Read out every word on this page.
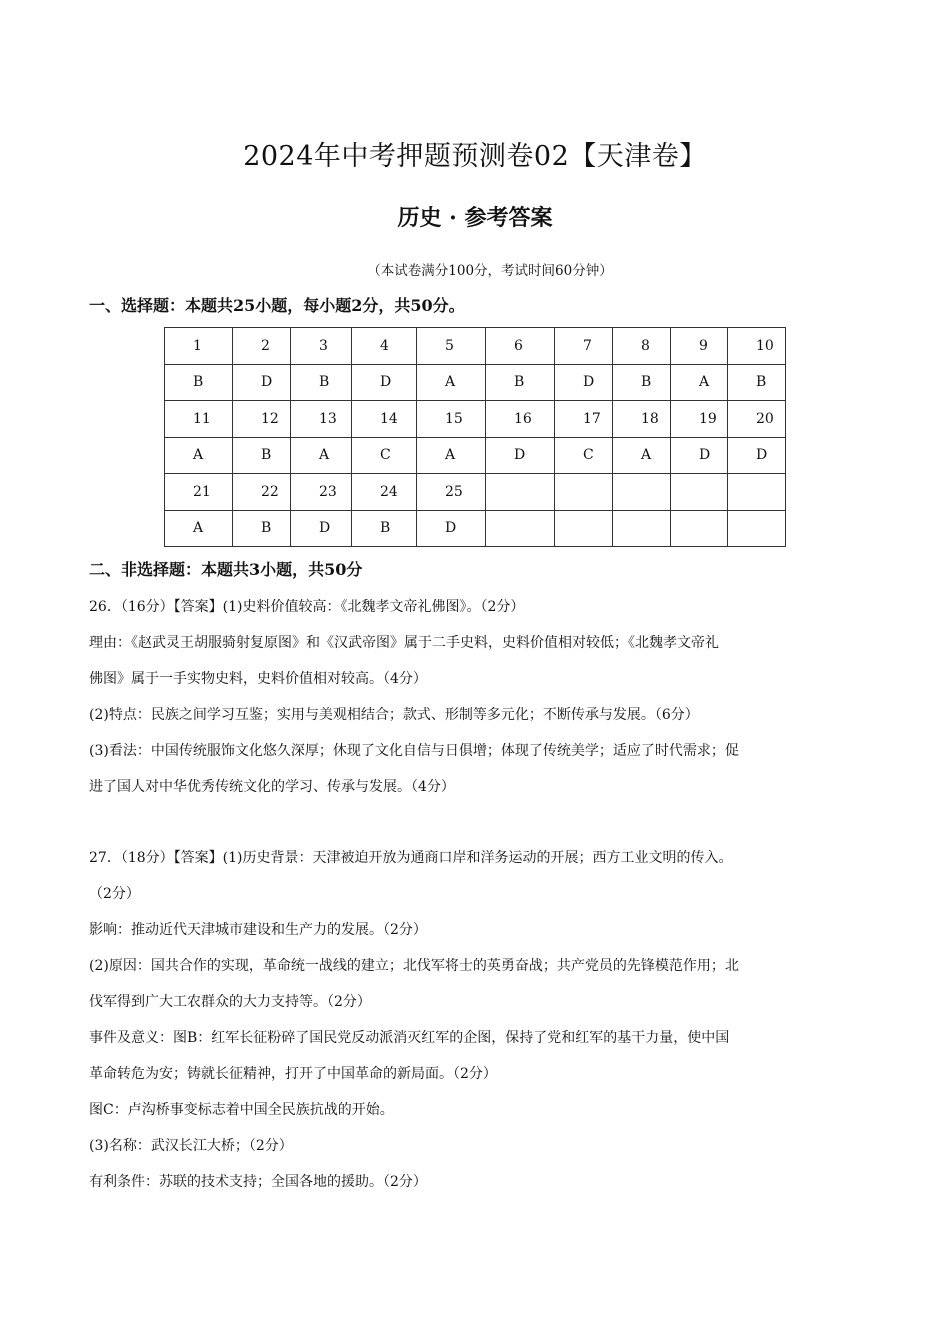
2024年中考押题预测卷02【天津卷】
历史 · 参考答案
（本试卷满分100分，考试时间60分钟）
一、选择题：本题共25小题，每小题2分，共50分。
1	2	3	4	5	6	7	8	9	10
B	D	B	D	A	B	D	B	A	B
11	12	13	14	15	16	17	18	19	20
A	B	A	C	A	D	C	A	D	D
21	22	23	24	25					
A	B	D	B	D					
二、非选择题：本题共3小题，共50分
26．（16分）【答案】(1)史料价值较高：《北魏孝文帝礼佛图》。（2分）
理由：《赵武灵王胡服骑射复原图》和《汉武帝图》属于二手史料，史料价值相对较低；《北魏孝文帝礼
佛图》属于一手实物史料，史料价值相对较高。（4分）
(2)特点：民族之间学习互鉴；实用与美观相结合；款式、形制等多元化；不断传承与发展。（6分）
(3)看法：中国传统服饰文化悠久深厚；休现了文化自信与日俱增；体现了传统美学；适应了时代需求；促
进了国人对中华优秀传统文化的学习、传承与发展。（4分）
27．（18分）【答案】(1)历史背景：天津被迫开放为通商口岸和洋务运动的开展；西方工业文明的传入。
（2分）
影响：推动近代天津城市建设和生产力的发展。（2分）
(2)原因：国共合作的实现，革命统一战线的建立；北伐军将士的英勇奋战；共产党员的先锋模范作用；北
伐军得到广大工农群众的大力支持等。（2分）
事件及意义：图B：红军长征粉碎了国民党反动派消灭红军的企图，保持了党和红军的基干力量，使中国
革命转危为安；铸就长征精神，打开了中国革命的新局面。（2分）
图C：卢沟桥事变标志着中国全民族抗战的开始。
(3)名称：武汉长江大桥；（2分）
有利条件：苏联的技术支持；全国各地的援助。（2分）
